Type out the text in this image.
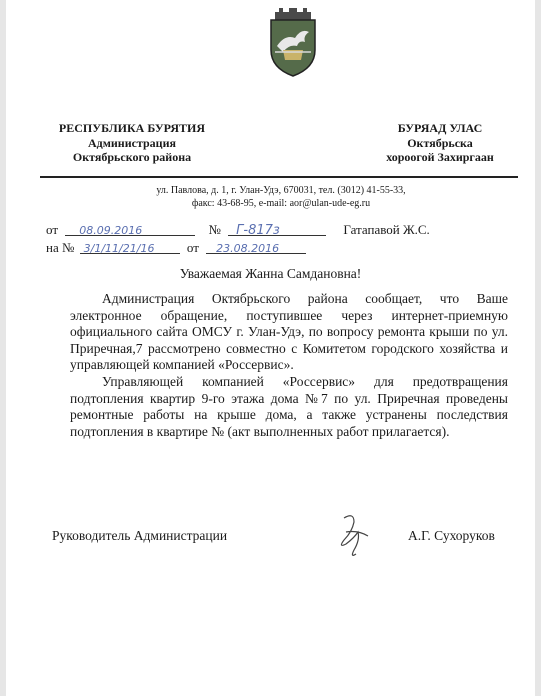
РЕСПУБЛИКА БУРЯТИЯ
Администрация
Октябрьского района
БУРЯАД УЛАС
Октябрьска
хороогой Захиргаан
ул. Павлова, д. 1, г. Улан-Удэ, 670031, тел. (3012) 41-55-33,
факс: 43-68-95, e-mail: aor@ulan-ude-eg.ru
от 08.09.2016	№ Г-817з	Гатапавой Ж.С.
на № 3/1/11/21/16 от 23.08.2016
Уважаемая Жанна Самдановна!

Администрация Октябрьского района сообщает, что Ваше электронное обращение, поступившее через интернет-приемную официального сайта ОМСУ г. Улан-Удэ, по вопросу ремонта крыши по ул. Приречная,7 рассмотрено совместно с Комитетом городского хозяйства и управляющей компанией «Россервис».

Управляющей компанией «Россервис» для предотвращения подтопления квартир 9-го этажа дома №7 по ул. Приречная проведены ремонтные работы на крыше дома, а также устранены последствия подтопления в квартире № (акт выполненных работ прилагается).

Руководитель Администрации	А.Г. Сухоруков
